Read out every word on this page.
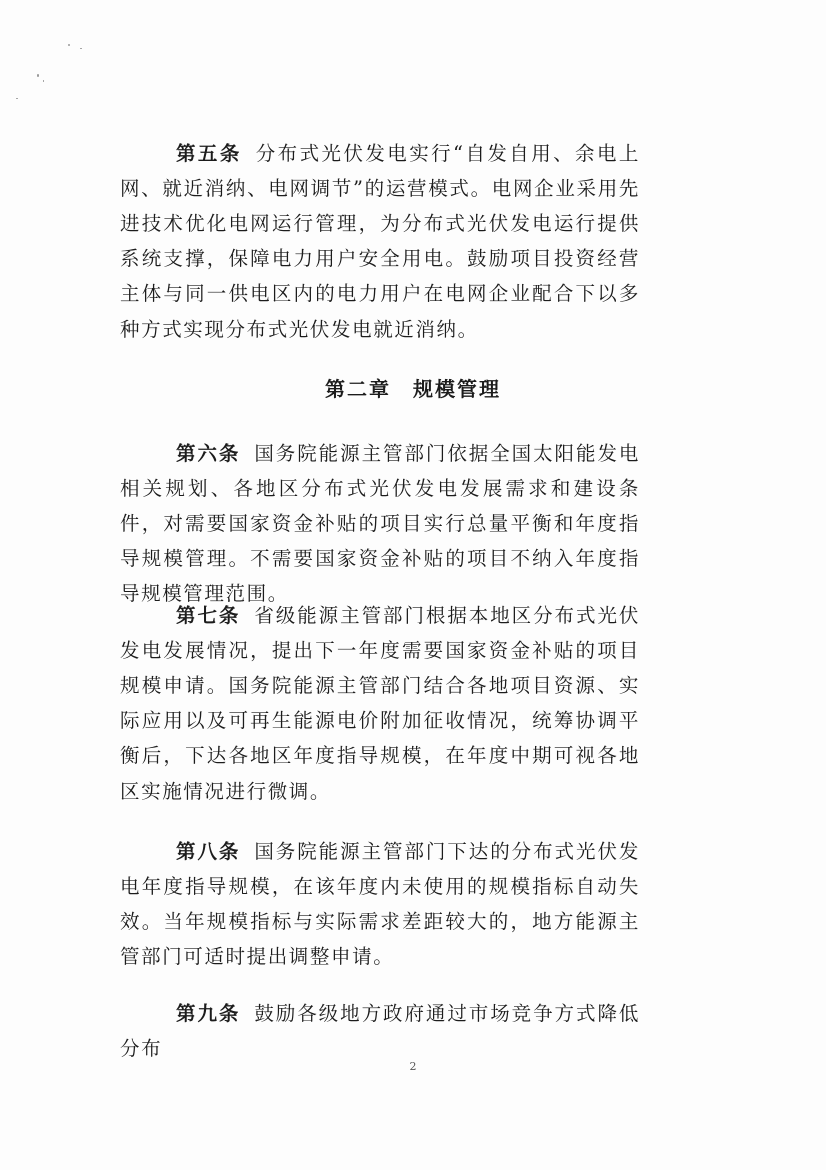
第五条 分布式光伏发电实行“自发自用、余电上网、就近消纳、电网调节”的运营模式。电网企业采用先进技术优化电网运行管理，为分布式光伏发电运行提供系统支撑，保障电力用户安全用电。鼓励项目投资经营主体与同一供电区内的电力用户在电网企业配合下以多种方式实现分布式光伏发电就近消纳。

第二章 规模管理

第六条 国务院能源主管部门依据全国太阳能发电相关规划、各地区分布式光伏发电发展需求和建设条件，对需要国家资金补贴的项目实行总量平衡和年度指导规模管理。不需要国家资金补贴的项目不纳入年度指导规模管理范围。

第七条 省级能源主管部门根据本地区分布式光伏发电发展情况，提出下一年度需要国家资金补贴的项目规模申请。国务院能源主管部门结合各地项目资源、实际应用以及可再生能源电价附加征收情况，统筹协调平衡后，下达各地区年度指导规模，在年度中期可视各地区实施情况进行微调。

第八条 国务院能源主管部门下达的分布式光伏发电年度指导规模，在该年度内未使用的规模指标自动失效。当年规模指标与实际需求差距较大的，地方能源主管部门可适时提出调整申请。

第九条 鼓励各级地方政府通过市场竞争方式降低分布

2
